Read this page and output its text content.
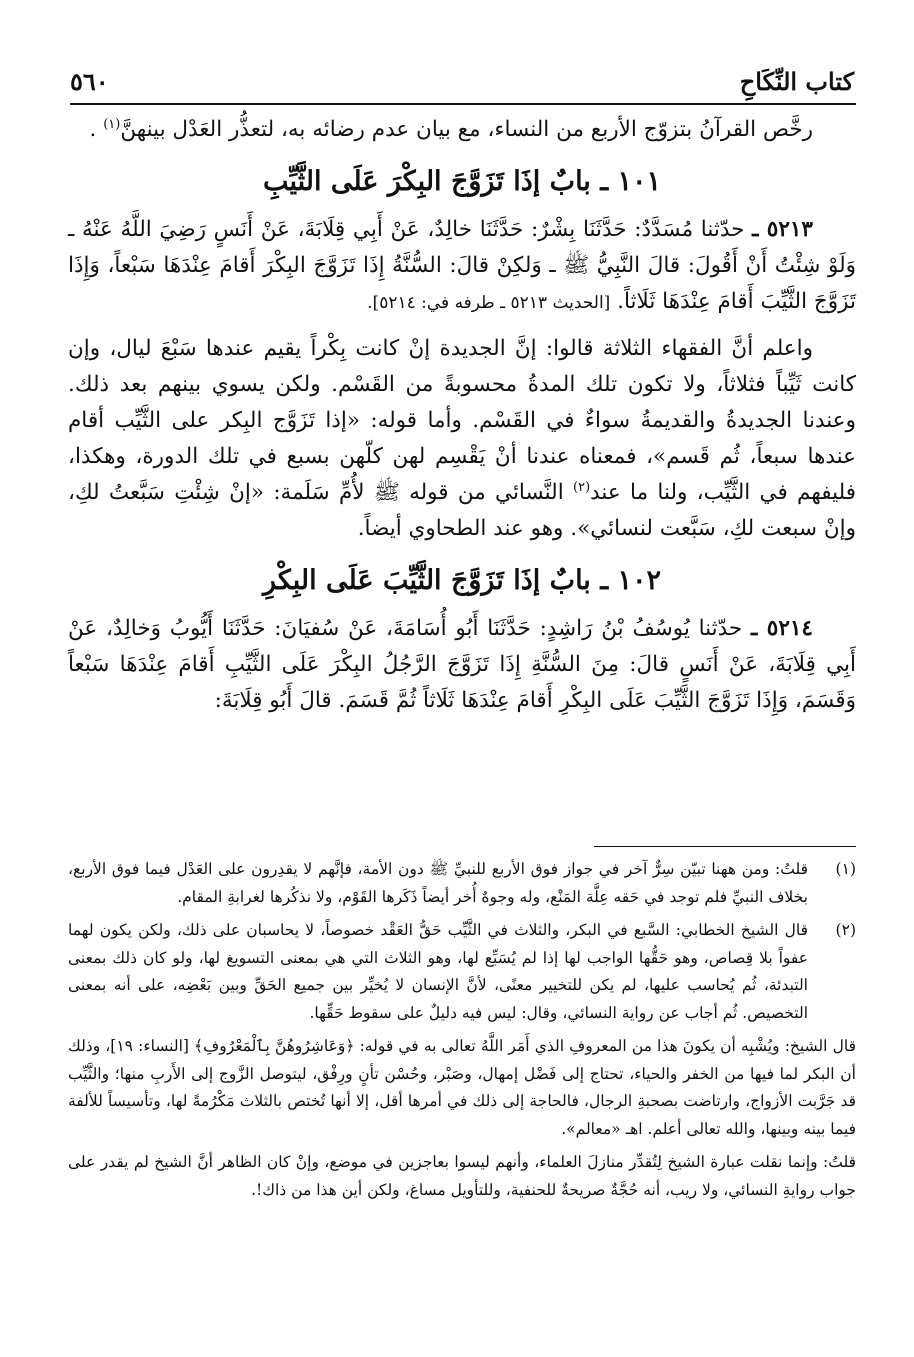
كتاب النِّكَاحِ
٥٦٠

رخَّص القرآنُ بتزوّج الأربع من النساء، مع بيان عدم رضائه به، لتعذُّر العَدْل بينهنَّ$^{(١)}$ .

١٠١ ـ بابٌ إذَا تَزَوَّجَ البِكْرَ عَلَى الثَّيِّبِ

٥٢١٣ ـ حدّثنا مُسَدَّدٌ: حَدَّثَنَا بِشْرٌ: حَدَّثَنَا خالِدٌ، عَنْ أَبِي قِلَابَةَ، عَنْ أَنَسٍ رَضِيَ اللَّهُ عَنْهُ ـ وَلَوْ شِئْتُ أَنْ أَقُولَ: قالَ النَّبِيُّ ﷺ ـ وَلكِنْ قالَ: السُّنَّةُ إِذَا تَزَوَّجَ البِكْرَ أَقامَ عِنْدَهَا سَبْعاً، وَإِذَا تَزَوَّجَ الثَّيِّبَ أَقامَ عِنْدَهَا ثَلَاثاً. [الحديث ٥٢١٣ ـ طرفه في: ٥٢١٤].

واعلم أنَّ الفقهاء الثلاثة قالوا: إنَّ الجديدة إنْ كانت بِكْراً يقيم عندها سَبْعَ ليال، وإن كانت ثَيِّباً فثلاثاً، ولا تكون تلك المدةُ محسوبةً من القَسْم. ولكن يسوي بينهم بعد ذلك. وعندنا الجديدةُ والقديمةُ سواءٌ في القَسْم. وأما قوله: «إذا تَزَوَّج البِكر على الثَّيِّب أقام عندها سبعاً، ثُم قَسم»، فمعناه عندنا أنْ يَقْسِم لهن كلّهن بسبع في تلك الدورة، وهكذا، فليفهم في الثَّيِّب، ولنا ما عند$^{(٢)}$ النَّسائي من قوله ﷺ لأُمِّ سَلَمة: «إنْ شِئْتِ سَبَّعتُ لكِ، وإنْ سبعت لكِ، سَبَّعت لنسائي». وهو عند الطحاوي أيضاً.

١٠٢ ـ بابٌ إذَا تَزَوَّجَ الثَّيِّبَ عَلَى البِكْرِ

٥٢١٤ ـ حدّثنا يُوسُفُ بْنُ رَاشِدٍ: حَدَّثَنَا أَبُو أُسَامَةَ، عَنْ سُفيَانَ: حَدَّثَنَا أَيُّوبُ وَخالِدٌ، عَنْ أَبِي قِلَابَةَ، عَنْ أَنَسٍ قالَ: مِنَ السُّنَّةِ إِذَا تَزَوَّجَ الرَّجُلُ البِكْرَ عَلَى الثَّيِّبِ أَقامَ عِنْدَهَا سَبْعاً وَقَسَمَ، وَإِذَا تَزَوَّجَ الثَّيِّبَ عَلَى البِكْرِ أَقامَ عِنْدَهَا ثَلَاثاً ثُمَّ قَسَمَ. قالَ أَبُو قِلَابَةَ:

(١)
قلتُ: ومن ههنا تبيّن سِرٌّ آخر في جواز فوق الأربع للنبيِّ ﷺ دون الأمة، فإنَّهم لا يقدِرون على العَدْل فيما فوق الأربع، بخلاف النبيِّ فلم توجد في حَقه عِلَّة المَنْع، وله وجوهٌ أُخر أيضاً ذَكَرها القَوْم، ولا نذكُرها لغرابةِ المقام.
(٢)
قال الشيخ الخطابي: السَّبع في البكر، والثلاث في الثَّيِّب حَقُّ العَقْد خصوصاً، لا يحاسبان على ذلك، ولكن يكون لهما عفواً بلا قِصاص، وهو حَقُّها الواجب لها إذا لم يُسَبِّع لها، وهو الثلاث التي هي بمعنى التسويغ لها، ولو كان ذلك بمعنى التبدئة، ثُم يُحاسب عليها، لم يكن للتخيير معنًى، لأنَّ الإنسان لا يُخيِّر بين جميع الحَقِّ وبين بَعْضِه، على أنه بمعنى التخصيص. ثُم أجاب عن رواية النسائي، وقال: ليس فيه دليلٌ على سقوط حَقِّها.

قال الشيخ: ويُشْبِه أن يكونَ هذا من المعروفِ الذي أَمَر اللَّهُ تعالى به في قوله: ﴿وَعَاشِرُوهُنَّ بِٱلْمَعْرُوفِ﴾ [النساء: ١٩]، وذلك أن البكر لما فيها من الخفر والحياء، تحتاج إلى فَضْل إمهال، وصَبْر، وحُسْن تأنٍ ورِفْق، ليتوصل الزَّوج إلى الأَربِ منها؛ والثَّيِّب قد جَرَّبت الأزواج، وارتاضت بصحبةِ الرجال، فالحاجة إلى ذلك في أمرها أقل، إلا أنها تُختص بالثلاث مَكْرُمةً لها، وتأسيساً للألفة فيما بينه وبينها، والله تعالى أعلم. اهـ «معالم».

قلتُ: وإنما نقلت عبارة الشيخ لِتُقدِّر منازلَ العلماء، وأنهم ليسوا بعاجزين في موضع، وإنْ كان الظاهر أنَّ الشيخ لم يقدر على جواب روايةِ النسائي، ولا ريب، أنه حُجَّةٌ صريحةٌ للحنفية، وللتأويل مساغ، ولكن أين هذا من ذاك!.
